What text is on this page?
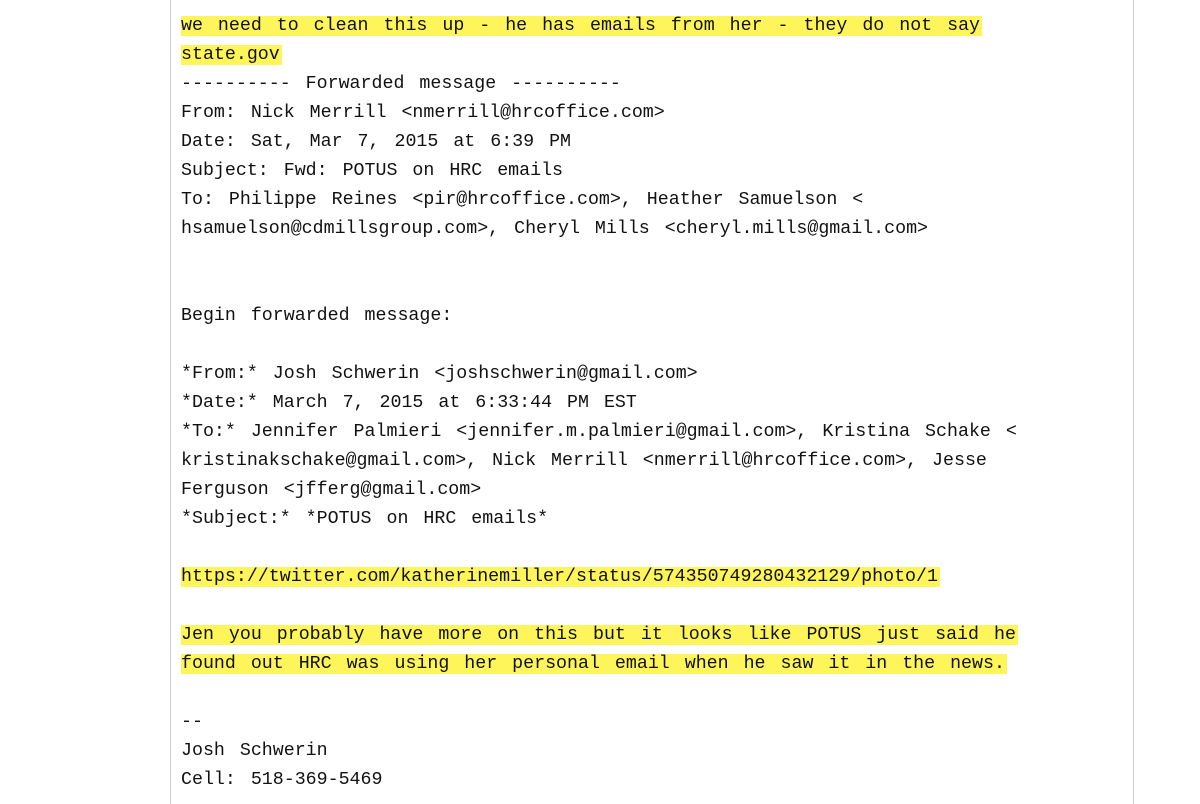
we need to clean this up - he has emails from her - they do not say
state.gov
---------- Forwarded message ----------
From: Nick Merrill <nmerrill@hrcoffice.com>
Date: Sat, Mar 7, 2015 at 6:39 PM
Subject: Fwd: POTUS on HRC emails
To: Philippe Reines <pir@hrcoffice.com>, Heather Samuelson <
hsamuelson@cdmillsgroup.com>, Cheryl Mills <cheryl.mills@gmail.com>
Begin forwarded message:
*From:* Josh Schwerin <joshschwerin@gmail.com>
*Date:* March 7, 2015 at 6:33:44 PM EST
*To:* Jennifer Palmieri <jennifer.m.palmieri@gmail.com>, Kristina Schake <
kristinakschake@gmail.com>, Nick Merrill <nmerrill@hrcoffice.com>, Jesse
Ferguson <jfferg@gmail.com>
*Subject:* *POTUS on HRC emails*
https://twitter.com/katherinemiller/status/574350749280432129/photo/1
Jen you probably have more on this but it looks like POTUS just said he
found out HRC was using her personal email when he saw it in the news.
--
Josh Schwerin
Cell: 518-369-5469
